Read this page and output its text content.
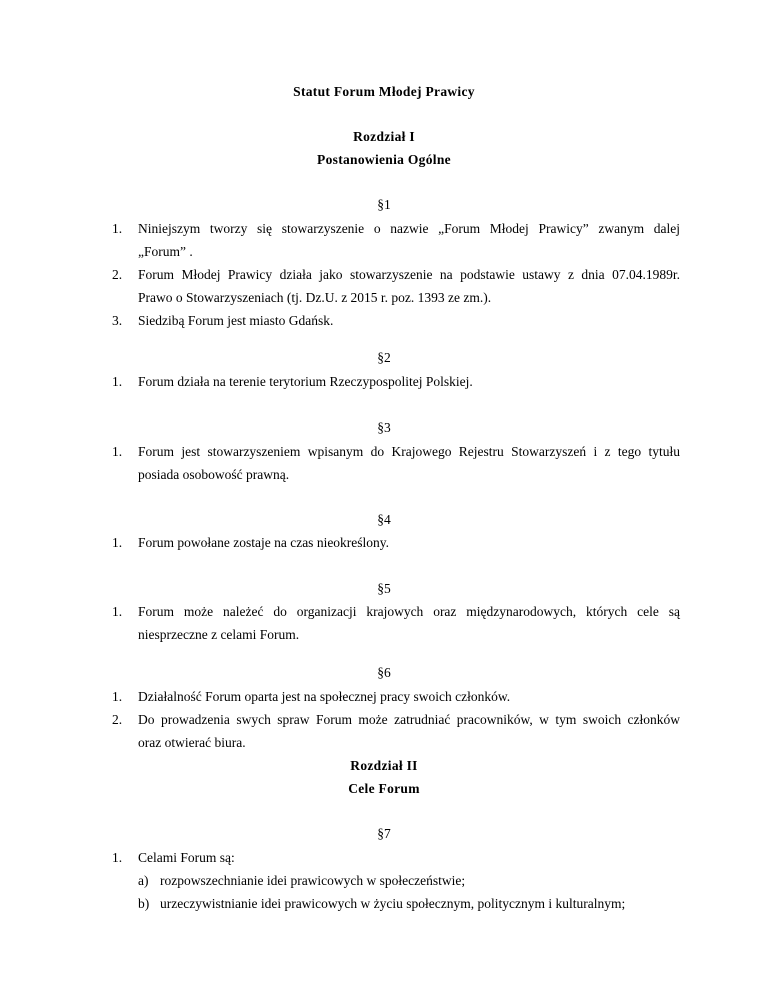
Statut Forum Młodej Prawicy
Rozdział I
Postanowienia Ogólne
§1
1. Niniejszym tworzy się stowarzyszenie o nazwie „Forum Młodej Prawicy” zwanym dalej
„Forum” .
2. Forum Młodej Prawicy działa jako stowarzyszenie na podstawie ustawy z dnia 07.04.1989r.
Prawo o Stowarzyszeniach (tj. Dz.U. z 2015 r. poz. 1393 ze zm.).
3. Siedzibą Forum jest miasto Gdańsk.
§2
1. Forum działa na terenie terytorium Rzeczypospolitej Polskiej.
§3
1. Forum jest stowarzyszeniem wpisanym do Krajowego Rejestru Stowarzyszeń i z tego tytułu
posiada osobowość prawną.
§4
1. Forum powołane zostaje na czas nieokreślony.
§5
1. Forum może należeć do organizacji krajowych oraz międzynarodowych, których cele są
niesprzeczne z celami Forum.
§6
1. Działalność Forum oparta jest na społecznej pracy swoich członków.
2. Do prowadzenia swych spraw Forum może zatrudniać pracowników, w tym swoich członków
oraz otwierać biura.
Rozdział II
Cele Forum
§7
1. Celami Forum są:
a) rozpowszechnianie idei prawicowych w społeczeństwie;
b) urzeczywistnianie idei prawicowych w życiu społecznym, politycznym i kulturalnym;
